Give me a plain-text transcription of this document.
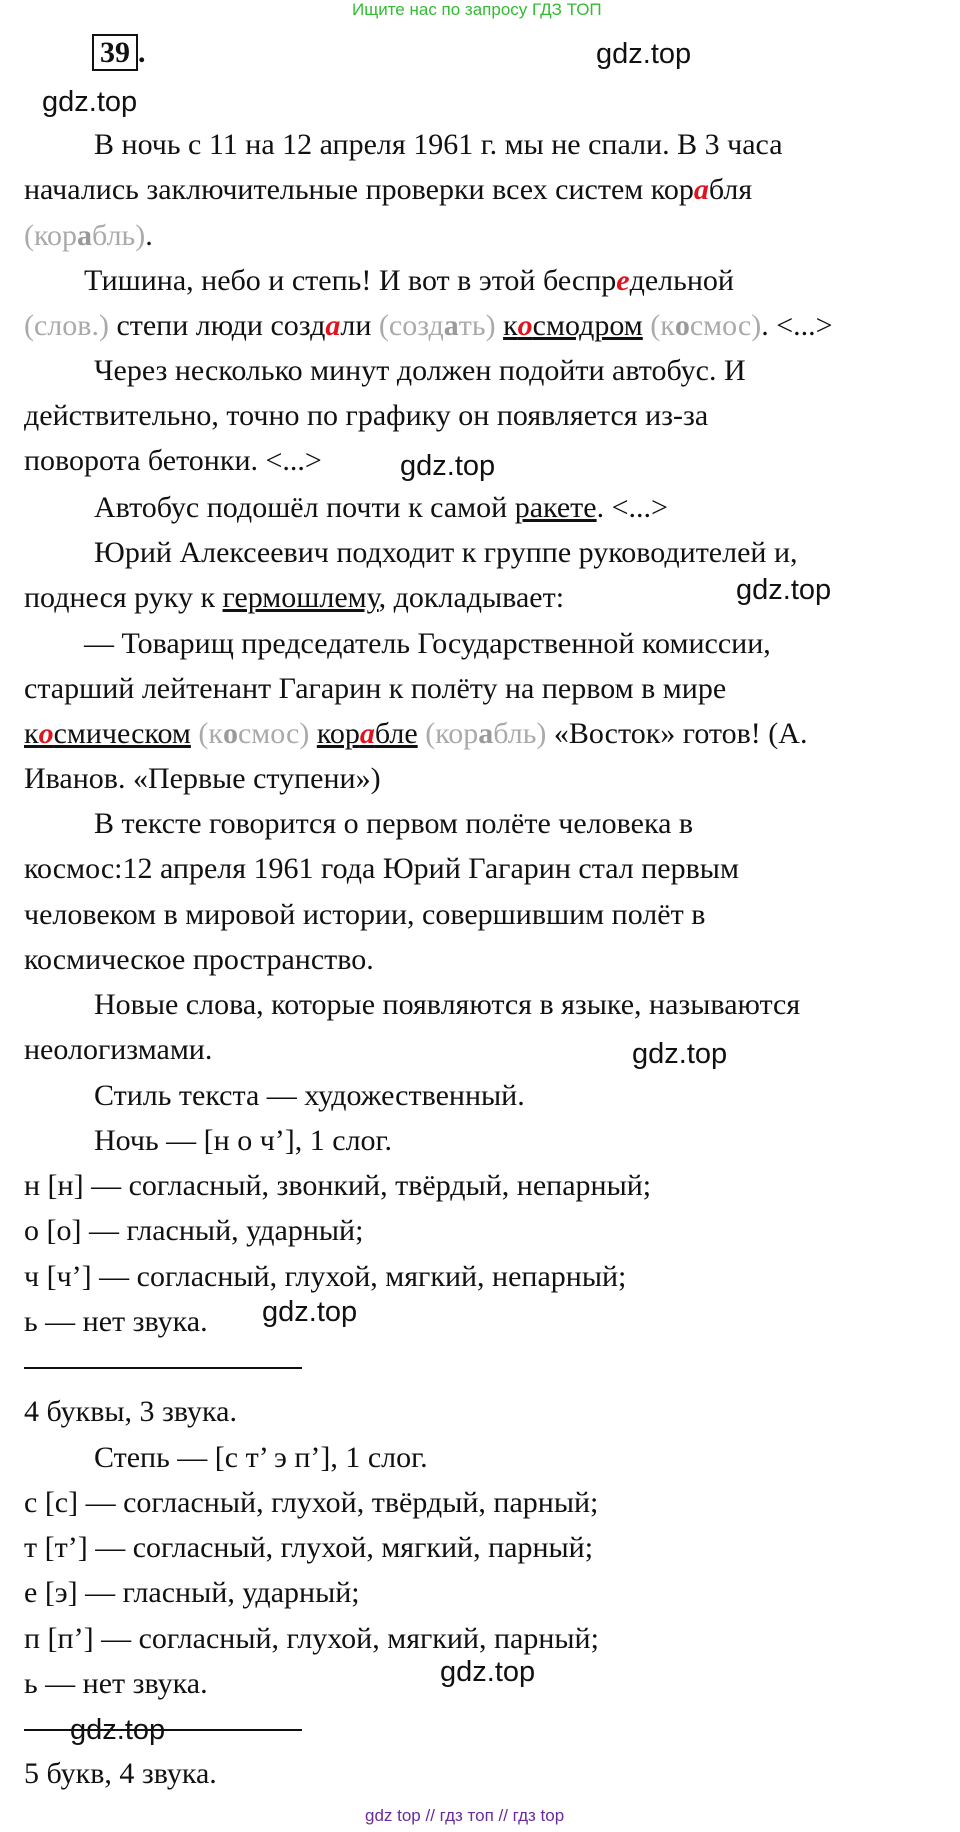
Ищите нас по запросу ГДЗ ТОП
39 .	gdz.top
gdz.top
gdz.top
gdz.top
gdz.top
gdz.top
gdz.top
gdz.top
В ночь с 11 на 12 апреля 1961 г. мы не спали. В 3 часа
начались заключительные проверки всех систем корабля
(корабль).
Тишина, небо и степь! И вот в этой беспредельной
(слов.) степи люди создали (создать) космодром (космос). <...>
Через несколько минут должен подойти автобус. И
действительно, точно по графику он появляется из-за
поворота бетонки. <...>
Автобус подошёл почти к самой ракете. <...>
Юрий Алексеевич подходит к группе руководителей и,
поднеся руку к гермошлему, докладывает:
— Товарищ председатель Государственной комиссии,
старший лейтенант Гагарин к полёту на первом в мире
космическом (космос) корабле (корабль) «Восток» готов! (А.
Иванов. «Первые ступени»)
В тексте говорится о первом полёте человека в
космос:12 апреля 1961 года Юрий Гагарин стал первым
человеком в мировой истории, совершившим полёт в
космическое пространство.
Новые слова, которые появляются в языке, называются
неологизмами.
Стиль текста — художественный.
Ночь — [н о ч’], 1 слог.
н [н] — согласный, звонкий, твёрдый, непарный;
о [о] — гласный, ударный;
ч [ч’] — согласный, глухой, мягкий, непарный;
ь — нет звука.
4 буквы, 3 звука.
Степь — [с т’ э п’], 1 слог.
с [с] — согласный, глухой, твёрдый, парный;
т [т’] — согласный, глухой, мягкий, парный;
е [э] — гласный, ударный;
п [п’] — согласный, глухой, мягкий, парный;
ь — нет звука.
5 букв, 4 звука.
gdz top // гдз топ // гдз top
